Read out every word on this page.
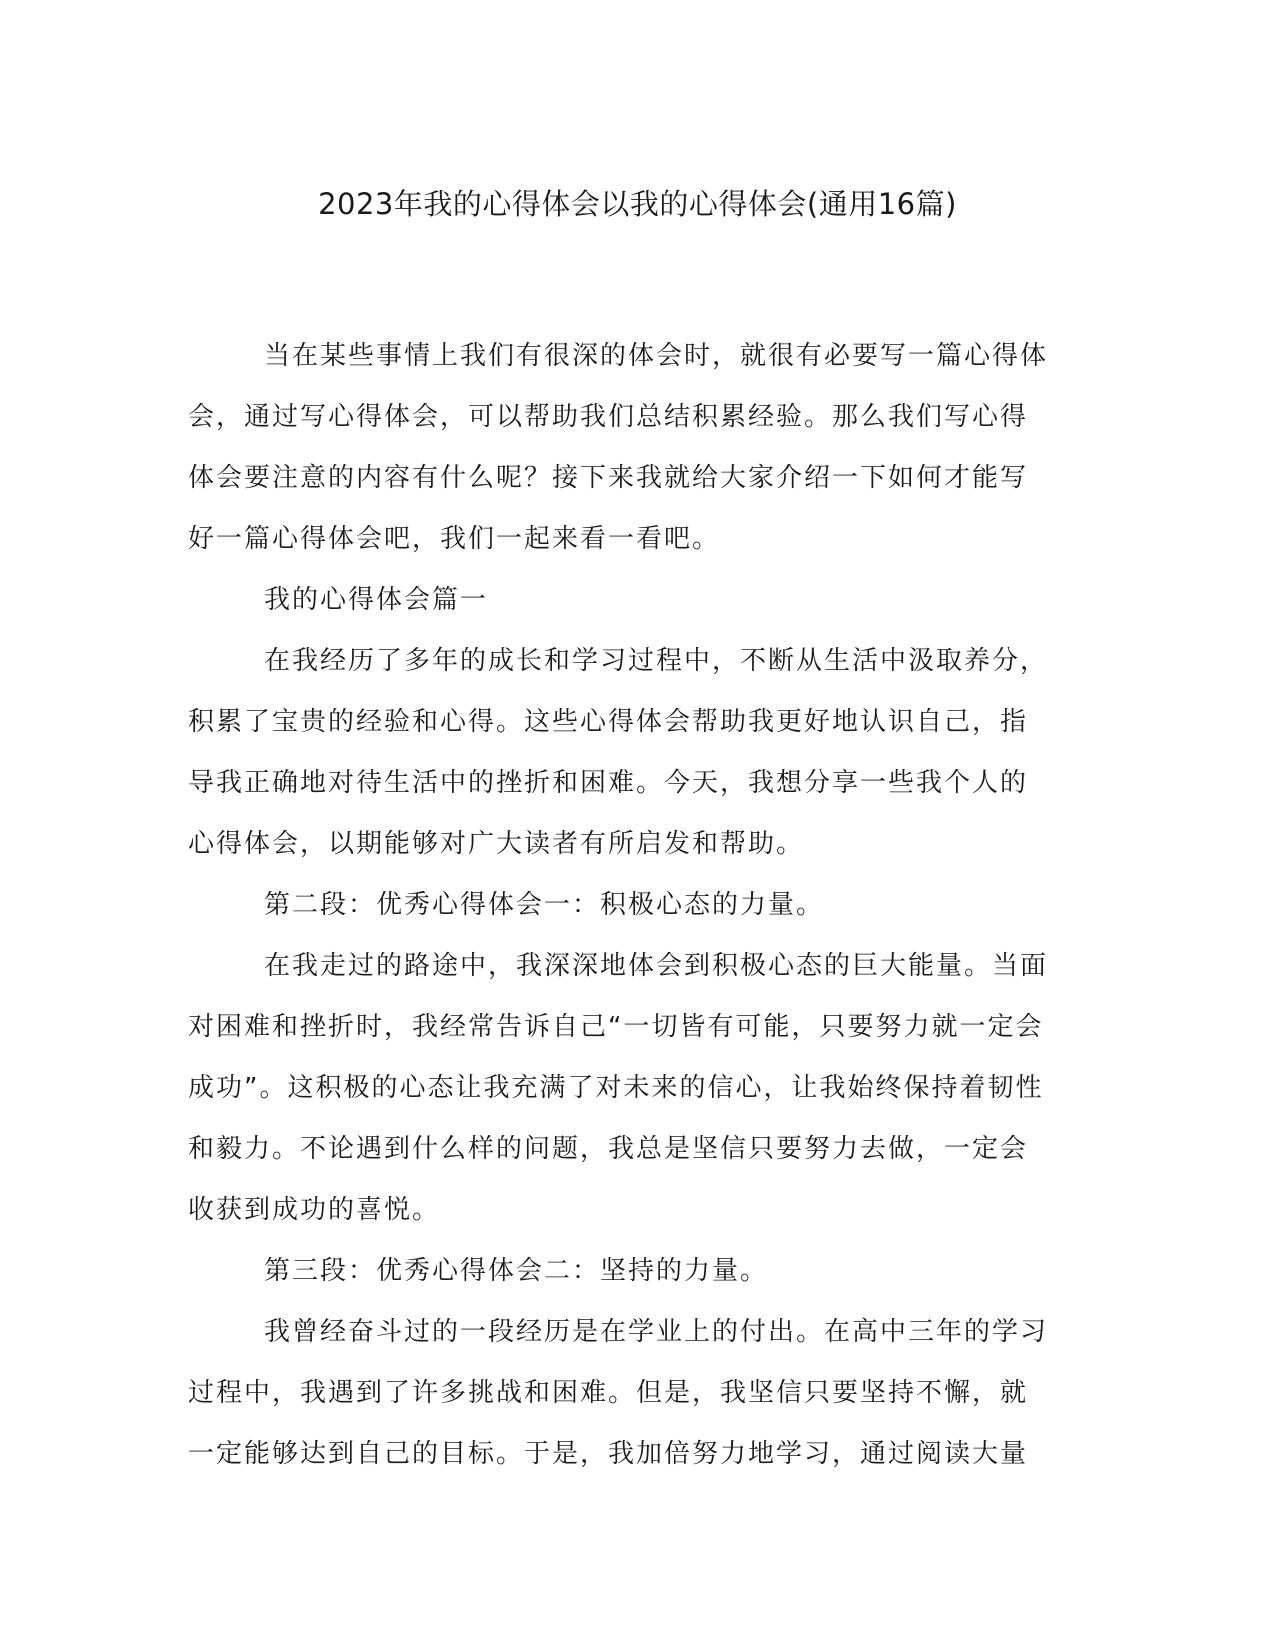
2023年我的心得体会以我的心得体会(通用16篇)
当在某些事情上我们有很深的体会时，就很有必要写一篇心得体
会，通过写心得体会，可以帮助我们总结积累经验。那么我们写心得
体会要注意的内容有什么呢？接下来我就给大家介绍一下如何才能写
好一篇心得体会吧，我们一起来看一看吧。
我的心得体会篇一
在我经历了多年的成长和学习过程中，不断从生活中汲取养分，
积累了宝贵的经验和心得。这些心得体会帮助我更好地认识自己，指
导我正确地对待生活中的挫折和困难。今天，我想分享一些我个人的
心得体会，以期能够对广大读者有所启发和帮助。
第二段：优秀心得体会一：积极心态的力量。
在我走过的路途中，我深深地体会到积极心态的巨大能量。当面
对困难和挫折时，我经常告诉自己“一切皆有可能，只要努力就一定会
成功”。这积极的心态让我充满了对未来的信心，让我始终保持着韧性
和毅力。不论遇到什么样的问题，我总是坚信只要努力去做，一定会
收获到成功的喜悦。
第三段：优秀心得体会二：坚持的力量。
我曾经奋斗过的一段经历是在学业上的付出。在高中三年的学习
过程中，我遇到了许多挑战和困难。但是，我坚信只要坚持不懈，就
一定能够达到自己的目标。于是，我加倍努力地学习，通过阅读大量
